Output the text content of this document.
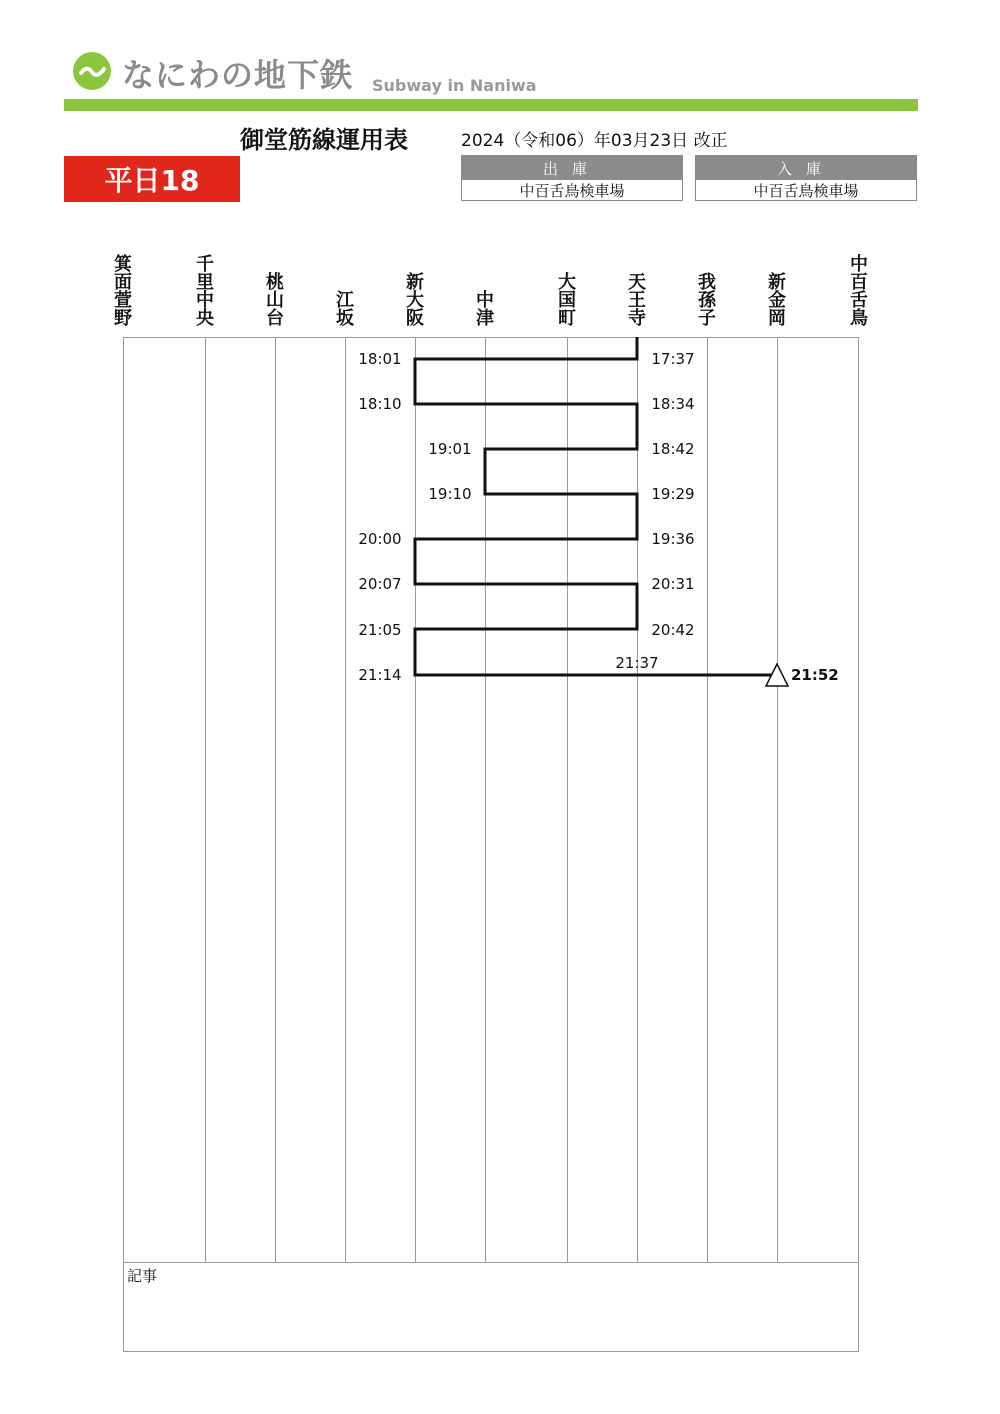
なにわの地下鉄 Subway in Naniwa
御堂筋線運用表	2024（令和06）年03月23日 改正
平日18	出庫
中百舌鳥検車場
入庫
中百舌鳥検車場
箕
面
萱
野
千
里
中
央
桃
山
台
江
坂
新
大
阪
中
津
大
国
町
天
王
寺
我
孫
子
新
金
岡
中
百
舌
鳥
記事
18:01
18:10
20:00
20:07
21:05
21:14
19:01
19:10
17:37
18:34
18:42
19:29
19:36
20:31
20:42
21:37
21:52
